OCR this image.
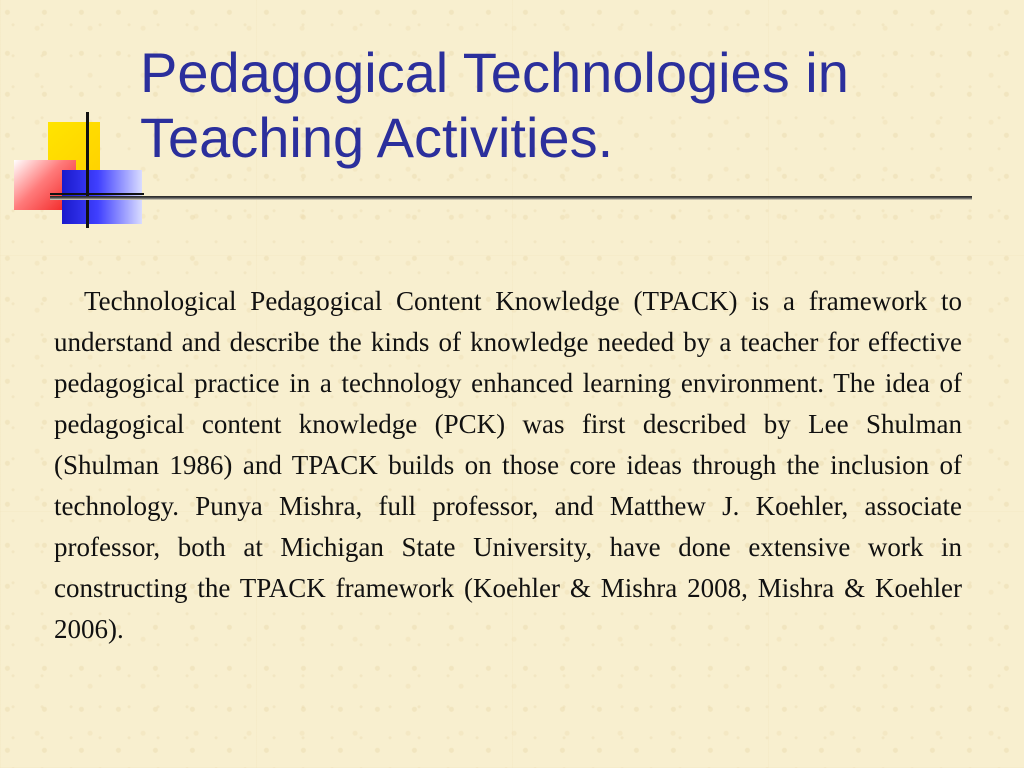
Pedagogical Technologies in Teaching Activities.

Technological Pedagogical Content Knowledge (TPACK) is a framework to understand and describe the kinds of knowledge needed by a teacher for effective pedagogical practice in a technology enhanced learning environment. The idea of pedagogical content knowledge (PCK) was first described by Lee Shulman (Shulman 1986) and TPACK builds on those core ideas through the inclusion of technology. Punya Mishra, full professor, and Matthew J. Koehler, associate professor, both at Michigan State University, have done extensive work in constructing the TPACK framework (Koehler & Mishra 2008, Mishra & Koehler 2006).
